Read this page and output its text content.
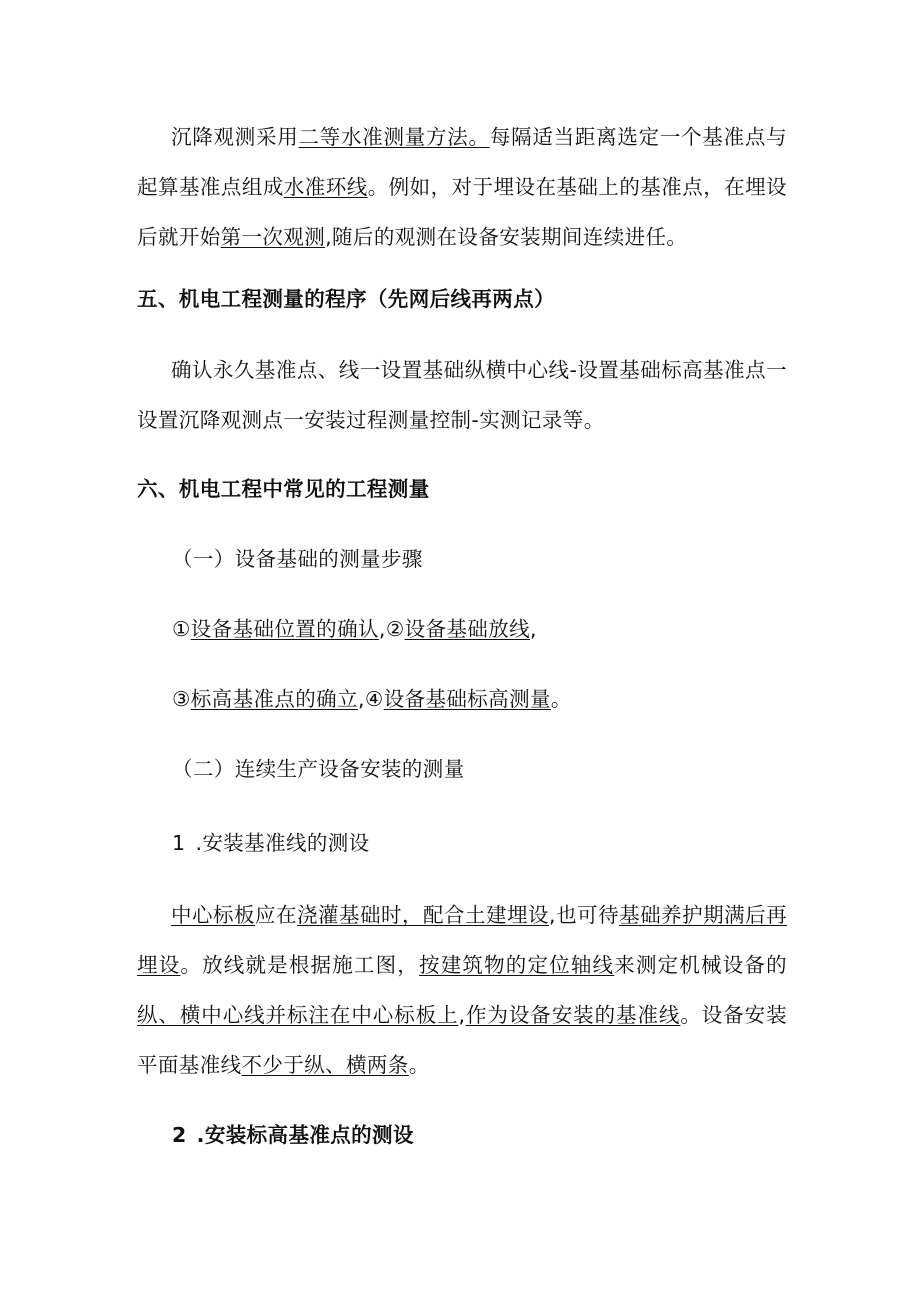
沉降观测采用二等水准测量方法。每隔适当距离选定一个基准点与起算基准点组成水准环线。例如，对于埋设在基础上的基准点，在埋设后就开始第一次观测,随后的观测在设备安装期间连续进任。

五、机电工程测量的程序（先网后线再两点）

确认永久基准点、线一设置基础纵横中心线-设置基础标高基准点一设置沉降观测点一安装过程测量控制-实测记录等。

六、机电工程中常见的工程测量

（一）设备基础的测量步骤

①设备基础位置的确认,②设备基础放线,

③标高基准点的确立,④设备基础标高测量。

（二）连续生产设备安装的测量

1 .安装基准线的测设

中心标板应在浇灌基础时，配合土建埋设,也可待基础养护期满后再埋设。放线就是根据施工图，按建筑物的定位轴线来测定机械设备的纵、横中心线并标注在中心标板上,作为设备安装的基准线。设备安装平面基准线不少于纵、横两条。

2 .安装标高基准点的测设
